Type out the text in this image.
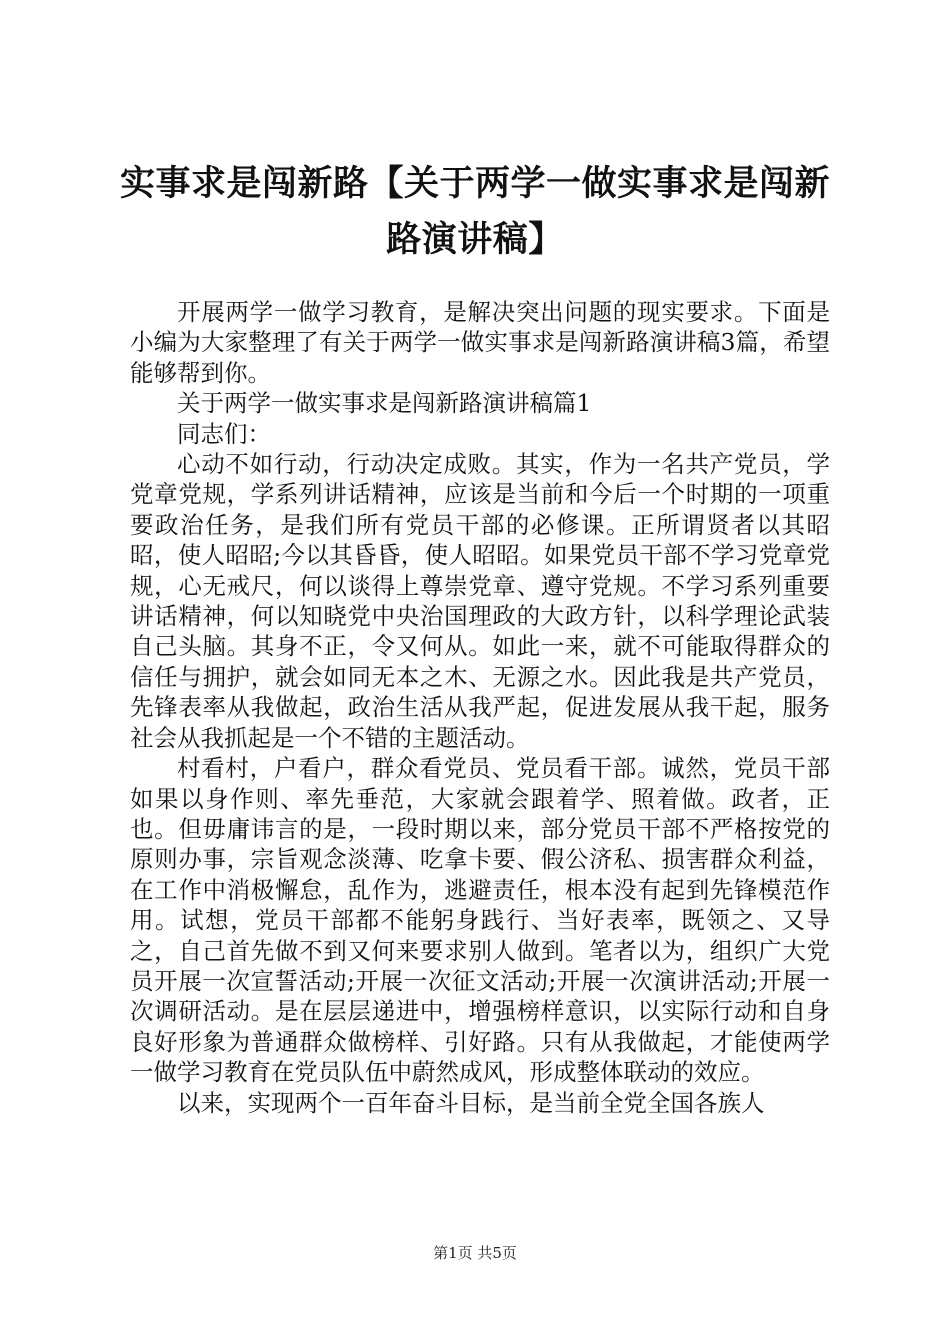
实事求是闯新路【关于两学一做实事求是闯新路演讲稿】

开展两学一做学习教育，是解决突出问题的现实要求。下面是小编为大家整理了有关于两学一做实事求是闯新路演讲稿3篇，希望能够帮到你。

关于两学一做实事求是闯新路演讲稿篇1

同志们：

心动不如行动，行动决定成败。其实，作为一名共产党员，学党章党规，学系列讲话精神，应该是当前和今后一个时期的一项重要政治任务，是我们所有党员干部的必修课。正所谓贤者以其昭昭，使人昭昭;今以其昏昏，使人昭昭。如果党员干部不学习党章党规，心无戒尺，何以谈得上尊崇党章、遵守党规。不学习系列重要讲话精神，何以知晓党中央治国理政的大政方针，以科学理论武装自己头脑。其身不正，令又何从。如此一来，就不可能取得群众的信任与拥护，就会如同无本之木、无源之水。因此我是共产党员，先锋表率从我做起，政治生活从我严起，促进发展从我干起，服务社会从我抓起是一个不错的主题活动。

村看村，户看户，群众看党员、党员看干部。诚然，党员干部如果以身作则、率先垂范，大家就会跟着学、照着做。政者，正也。但毋庸讳言的是，一段时期以来，部分党员干部不严格按党的原则办事，宗旨观念淡薄、吃拿卡要、假公济私、损害群众利益，在工作中消极懈怠，乱作为，逃避责任，根本没有起到先锋模范作用。试想，党员干部都不能躬身践行、当好表率，既领之、又导之，自己首先做不到又何来要求别人做到。笔者以为，组织广大党员开展一次宣誓活动;开展一次征文活动;开展一次演讲活动;开展一次调研活动。是在层层递进中，增强榜样意识，以实际行动和自身良好形象为普通群众做榜样、引好路。只有从我做起，才能使两学一做学习教育在党员队伍中蔚然成风，形成整体联动的效应。

以来，实现两个一百年奋斗目标，是当前全党全国各族人

第1页 共5页
